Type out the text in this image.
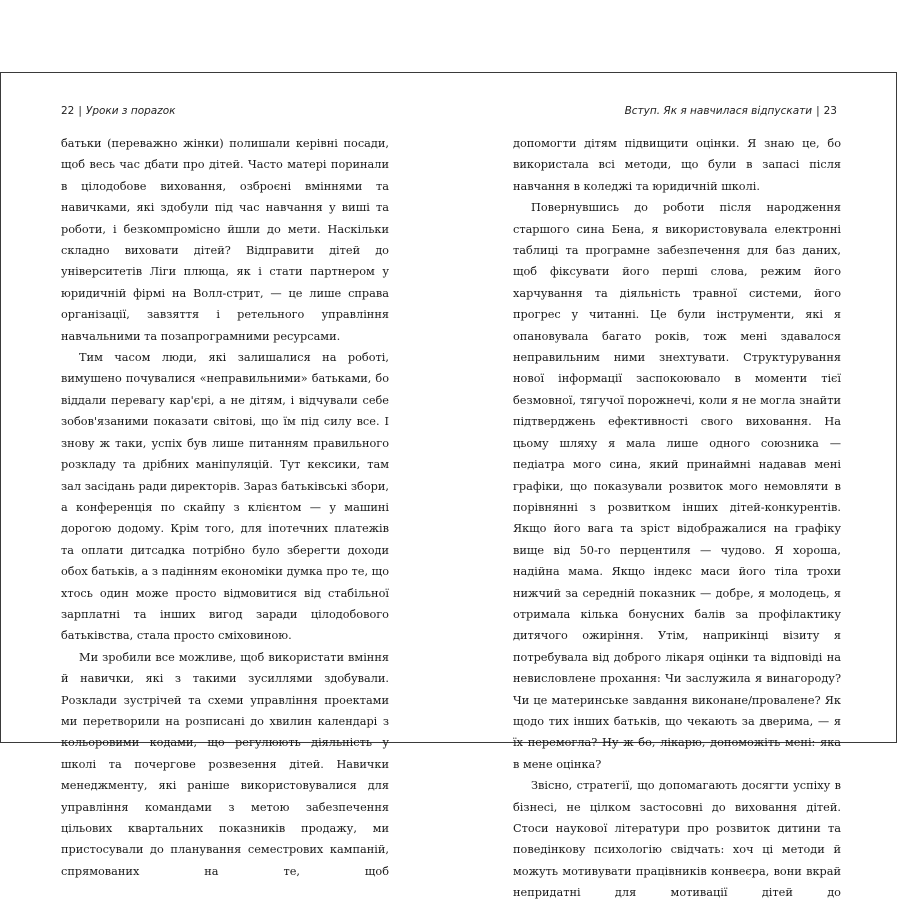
22 | Уроки з пораzок

батьки (переважно жінки) полишали керівні посади, щоб весь час дбати про дітей. Часто матері поринали в цілодобове виховання, озброєні вміннями та навичками, які здобули під час навчання у виші та роботи, і безкомпромісно йшли до мети. Наскільки складно виховати дітей? Відправити дітей до університетів Ліги плюща, як і стати партнером у юридичній фірмі на Волл-стрит, — це лише справа організації, завзяття і ретельного управління навчальними та позапрограмними ресурсами.

Тим часом люди, які залишалися на роботі, вимушено почувалися «неправильними» батьками, бо віддали перевагу кар'єрі, а не дітям, і відчували себе зобов'язаними показати світові, що їм під силу все. І знову ж таки, успіх був лише питанням правильного розкладу та дрібних маніпуляцій. Тут кексики, там зал засідань ради директорів. Зараз батьківські збори, а конференція по скайпу з клієнтом — у машині дорогою додому. Крім того, для іпотечних платежів та оплати дитсадка потрібно було зберегти доходи обох батьків, а з падінням економіки думка про те, що хтось один може просто відмовитися від стабільної зарплатні та інших вигод заради цілодобового батьківства, стала просто сміховиною.

Ми зробили все можливе, щоб використати вміння й навички, які з такими зусиллями здобували. Розклади зустрічей та схеми управління проектами ми перетворили на розписані до хвилин календарі з кольоровими кодами, що регулюють діяльність у школі та почергове розвезення дітей. Навички менеджменту, які раніше використовувалися для управління командами з метою забезпечення цільових квартальних показників продажу, ми пристосували до планування семестрових кампаній, спрямованих на те, щоб

Вступ. Як я навчилася відпускати | 23

допомогти дітям підвищити оцінки. Я знаю це, бо використала всі методи, що були в запасі після навчання в коледжі та юридичній школі.

Повернувшись до роботи після народження старшого сина Бена, я використовувала електронні таблиці та програмне забезпечення для баз даних, щоб фіксувати його перші слова, режим його харчування та діяльність травної системи, його прогрес у читанні. Це були інструменти, які я опановувала багато років, тож мені здавалося неправильним ними знехтувати. Структурування нової інформації заспокоювало в моменти тієї безмовної, тягучої порожнечі, коли я не могла знайти підтверджень ефективності свого виховання. На цьому шляху я мала лише одного союзника — педіатра мого сина, який принаймні надавав мені графіки, що показували розвиток мого немовляти в порівнянні з розвитком інших дітей-конкурентів. Якщо його вага та зріст відображалися на графіку вище від 50-го перцентиля — чудово. Я хороша, надійна мама. Якщо індекс маси його тіла трохи нижчий за середній показник — добре, я молодець, я отримала кілька бонусних балів за профілактику дитячого ожиріння. Утім, наприкінці візиту я потребувала від доброго лікаря оцінки та відповіді на невисловлене прохання: Чи заслужила я винагороду? Чи це материнське завдання виконане/провалене? Як щодо тих інших батьків, що чекають за дверима, — я їх перемогла? Ну ж бо, лікарю, допоможіть мені: яка в мене оцінка?

Звісно, стратегії, що допомагають досягти успіху в бізнесі, не цілком застосовні до виховання дітей. Стоси наукової літератури про розвиток дитини та поведінкову психологію свідчать: хоч ці методи й можуть мотивувати працівників конвеєра, вони вкрай непридатні для мотивації дітей до
